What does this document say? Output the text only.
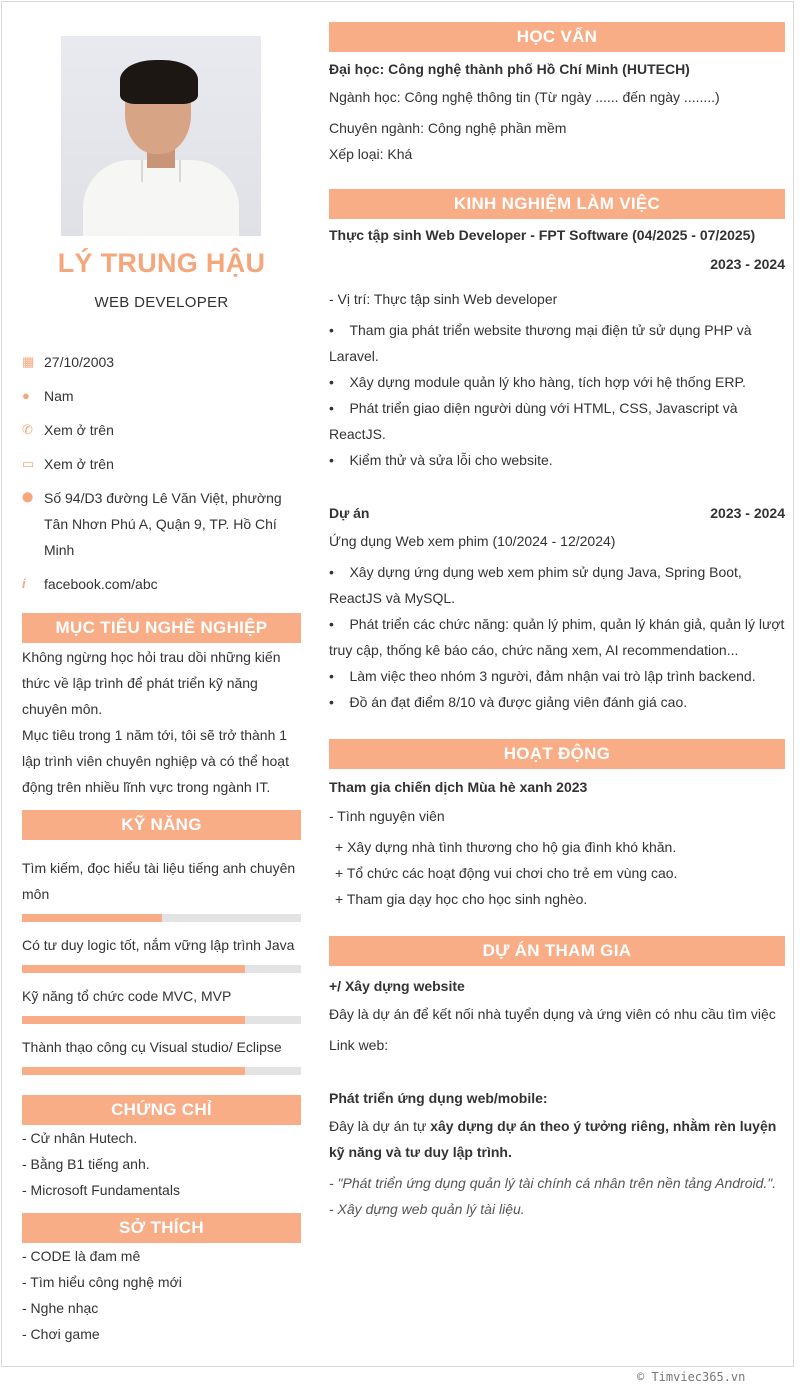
LÝ TRUNG HẬU
WEB DEVELOPER
▦ 27/10/2003
●	Nam
✆ Xem ở trên
▭ Xem ở trên
⬤ Số 94/D3 đường Lê Văn Việt, phường Tân Nhơn Phú A, Quận 9, TP. Hồ Chí Minh
i	facebook.com/abc
MỤC TIÊU NGHỀ NGHIỆP
Không ngừng học hỏi trau dồi những kiến thức về lập trình để phát triển kỹ năng chuyên môn.
Mục tiêu trong 1 năm tới, tôi sẽ trở thành 1 lập trình viên chuyên nghiệp và có thể hoạt động trên nhiều lĩnh vực trong ngành IT.
KỸ NĂNG
Tìm kiếm, đọc hiểu tài liệu tiếng anh chuyên môn
Có tư duy logic tốt, nắm vững lập trình Java
Kỹ năng tổ chức code MVC, MVP
Thành thạo công cụ Visual studio/ Eclipse
CHỨNG CHỈ
- Cử nhân Hutech.
- Bằng B1 tiếng anh.
- Microsoft Fundamentals
SỞ THÍCH
- CODE là đam mê
- Tìm hiểu công nghệ mới
- Nghe nhạc
- Chơi game
HỌC VẤN
Đại học: Công nghệ thành phố Hồ Chí Minh (HUTECH)
Ngành học: Công nghệ thông tin (Từ ngày ...... đến ngày ........)
Chuyên ngành: Công nghệ phần mềm
Xếp loại: Khá
KINH NGHIỆM LÀM VIỆC
Thực tập sinh Web Developer - FPT Software (04/2025 - 07/2025)
2023 - 2024
- Vị trí: Thực tập sinh Web developer
•    Tham gia phát triển website thương mại điện tử sử dụng PHP và Laravel.
•    Xây dựng module quản lý kho hàng, tích hợp với hệ thống ERP.
•    Phát triển giao diện người dùng với HTML, CSS, Javascript và ReactJS.
•    Kiểm thử và sửa lỗi cho website.
Dự án	2023 - 2024
Ứng dụng Web xem phim (10/2024 - 12/2024)
•    Xây dựng ứng dụng web xem phim sử dụng Java, Spring Boot, ReactJS và MySQL.
•    Phát triển các chức năng: quản lý phim, quản lý khán giả, quản lý lượt truy cập, thống kê báo cáo, chức năng xem, AI recommendation...
•    Làm việc theo nhóm 3 người, đảm nhận vai trò lập trình backend.
•    Đồ án đạt điểm 8/10 và được giảng viên đánh giá cao.
HOẠT ĐỘNG
Tham gia chiến dịch Mùa hè xanh 2023
- Tình nguyện viên
+ Xây dựng nhà tình thương cho hộ gia đình khó khăn.
+ Tổ chức các hoạt động vui chơi cho trẻ em vùng cao.
+ Tham gia dạy học cho học sinh nghèo.
DỰ ÁN THAM GIA
+/ Xây dựng website
Đây là dự án để kết nối nhà tuyển dụng và ứng viên có nhu cầu tìm việc
Link web:
Phát triển ứng dụng web/mobile:
Đây là dự án tự xây dựng dự án theo ý tưởng riêng, nhằm rèn luyện kỹ năng và tư duy lập trình.
- "Phát triển ứng dụng quản lý tài chính cá nhân trên nền tảng Android.".
- Xây dựng web quản lý tài liệu.
© Timviec365.vn
